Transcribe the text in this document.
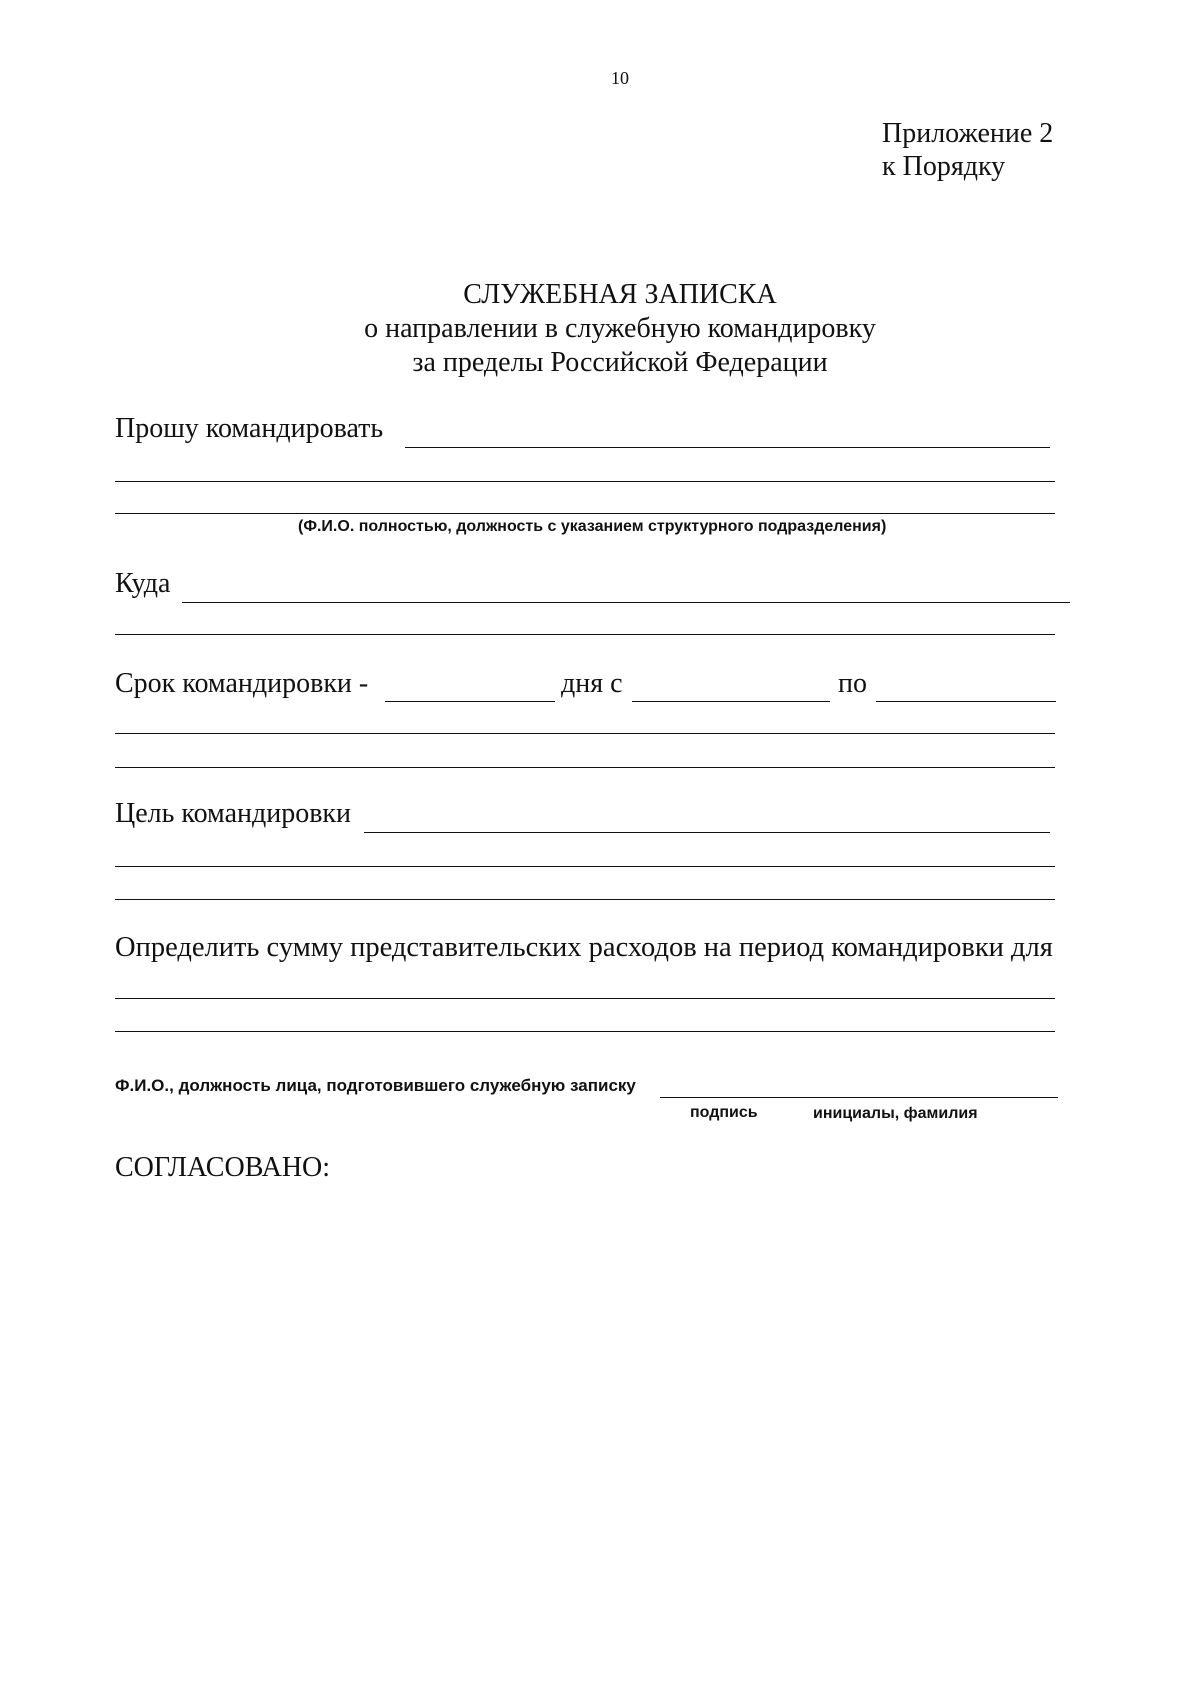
10
Приложение 2
к Порядку
СЛУЖЕБНАЯ ЗАПИСКА
о направлении в служебную командировку
за пределы Российской Федерации
Прошу командировать
(Ф.И.О. полностью, должность с указанием структурного подразделения)
Куда
Срок командировки -	дня с	по
Цель командировки
Определить сумму представительских расходов на период командировки для
Ф.И.О., должность лица, подготовившего служебную записку
подпись	инициалы, фамилия
СОГЛАСОВАНО:
